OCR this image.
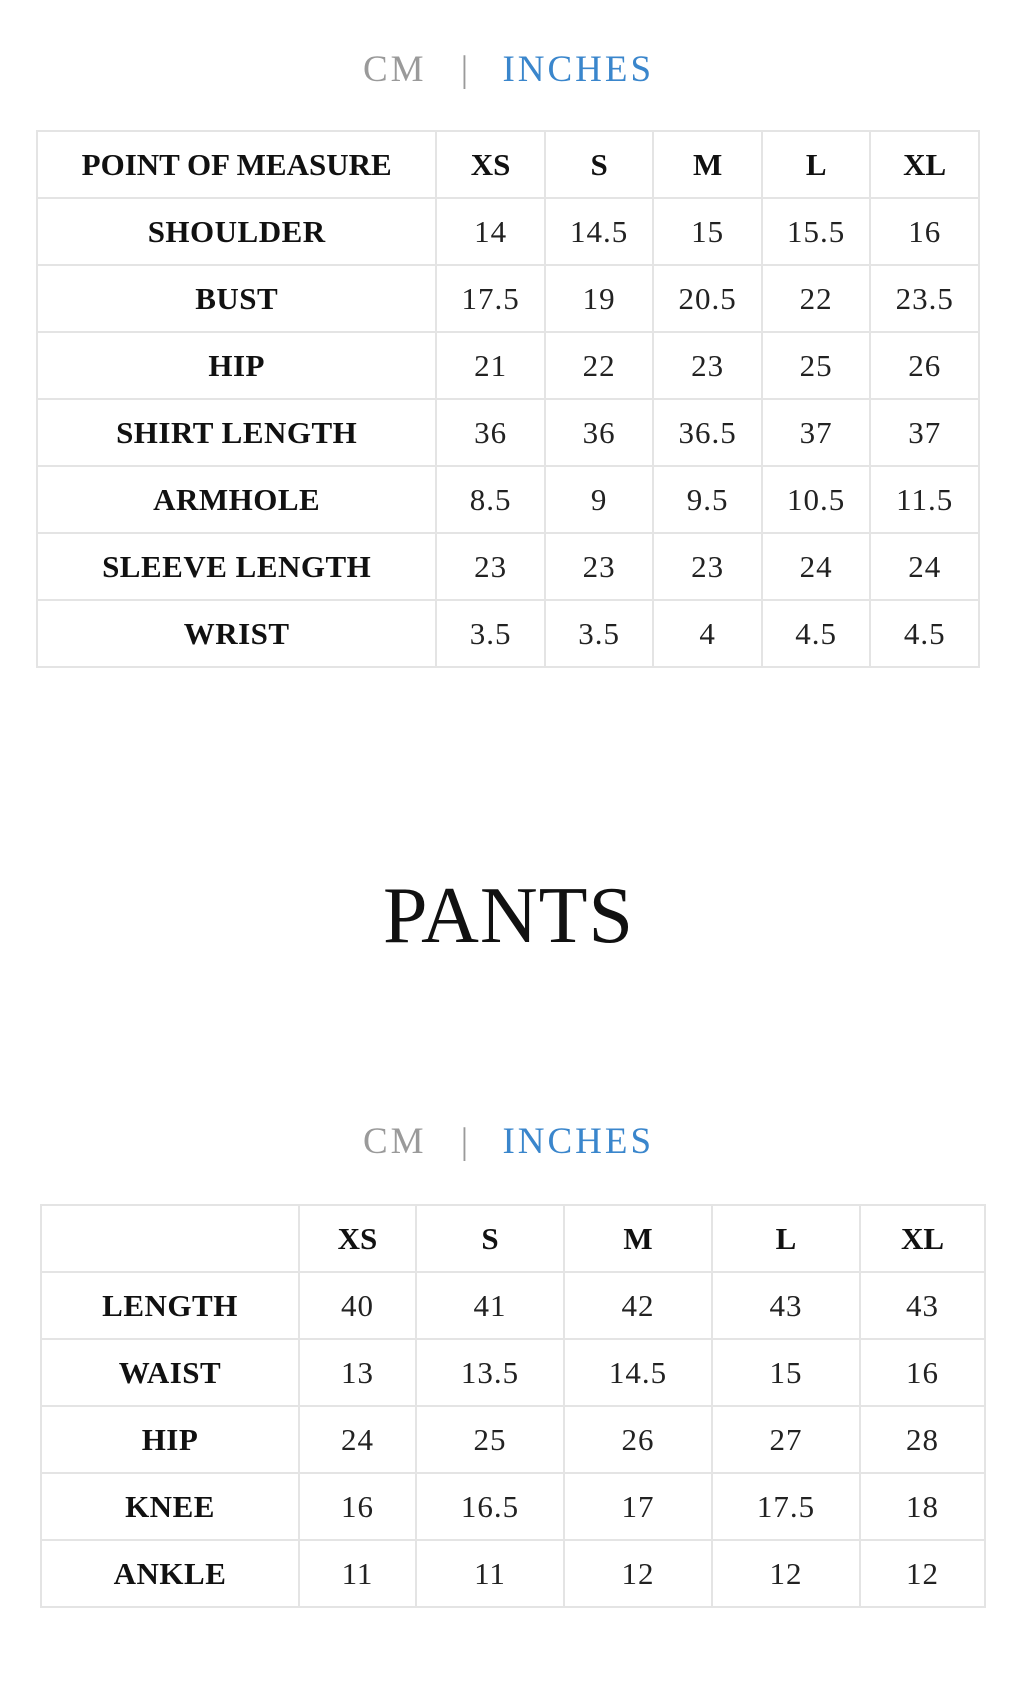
CM | INCHES
POINT OF MEASURE	XS	S	M	L	XL
SHOULDER	14	14.5	15	15.5	16
BUST	17.5	19	20.5	22	23.5
HIP	21	22	23	25	26
SHIRT LENGTH	36	36	36.5	37	37
ARMHOLE	8.5	9	9.5	10.5	11.5
SLEEVE LENGTH	23	23	23	24	24
WRIST	3.5	3.5	4	4.5	4.5
PANTS
CM | INCHES
	XS	S	M	L	XL
LENGTH	40	41	42	43	43
WAIST	13	13.5	14.5	15	16
HIP	24	25	26	27	28
KNEE	16	16.5	17	17.5	18
ANKLE	11	11	12	12	12
